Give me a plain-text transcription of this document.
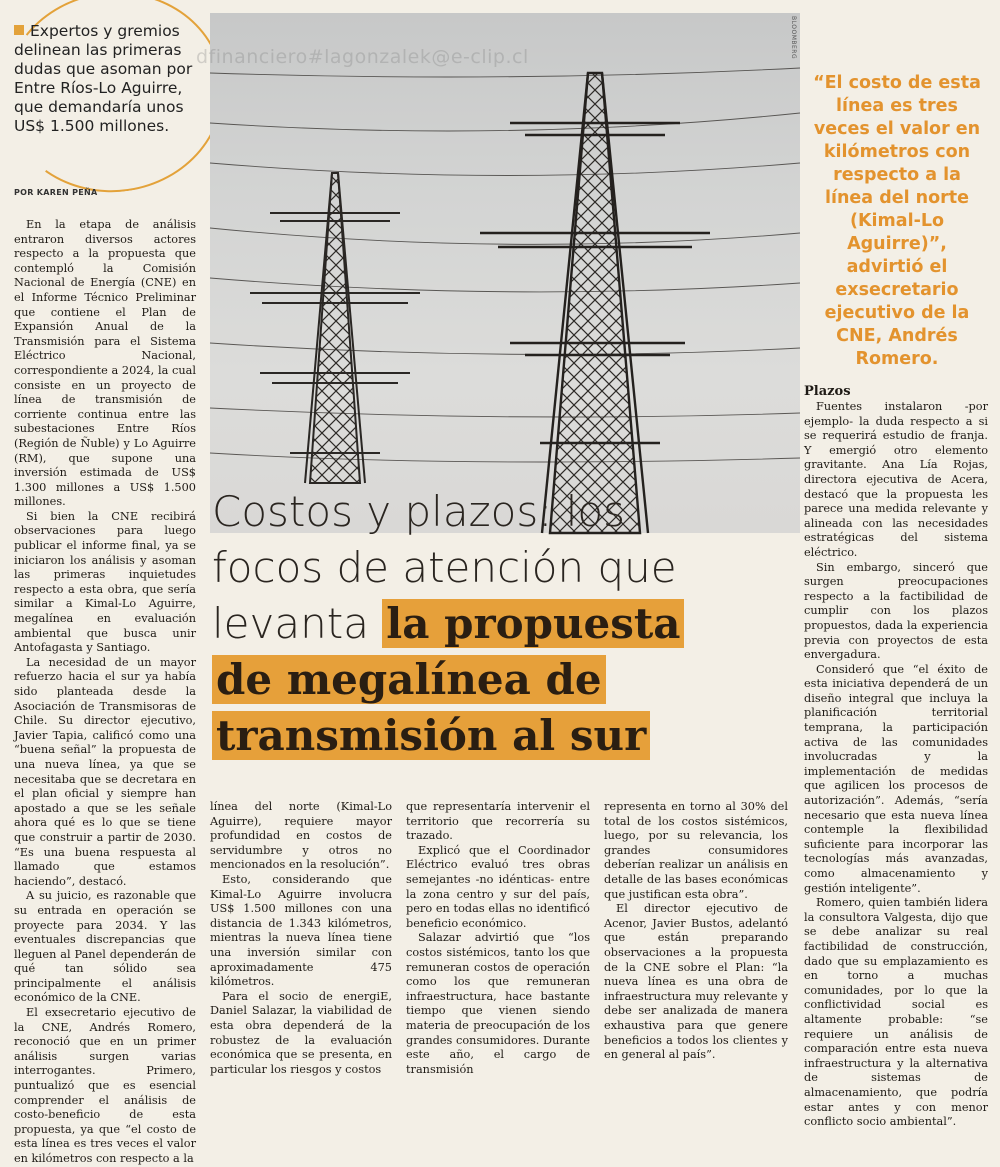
Expertos y gremios delinean las primeras dudas que asoman por Entre Ríos-Lo Aguirre, que demandaría unos US$ 1.500 millones.
POR KAREN PEÑA
dfinanciero#lagonzalek@e-clip.cl	BLOOMBERG
Costos y plazos: los
focos de atención que
levanta la propuesta
de megalínea de
transmisión al sur
“El costo de esta línea es tres veces el valor en kilómetros con respecto a la línea del norte (Kimal-Lo Aguirre)”, advirtió el exsecretario ejecutivo de la CNE, Andrés Romero.

En la etapa de análisis entraron diversos actores respecto a la propuesta que contempló la Comisión Nacional de Energía (CNE) en el Informe Técnico Preliminar que contiene el Plan de Expansión Anual de la Transmisión para el Sistema Eléctrico Nacional, correspondiente a 2024, la cual consiste en un proyecto de línea de transmisión de corriente continua entre las subestaciones Entre Ríos (Región de Ñuble) y Lo Aguirre (RM), que supone una inversión estimada de US$ 1.300 millones a US$ 1.500 millones.

Si bien la CNE recibirá observaciones para luego publicar el informe final, ya se iniciaron los análisis y asoman las primeras inquietudes respecto a esta obra, que sería similar a Kimal-Lo Aguirre, megalínea en evaluación ambiental que busca unir Antofagasta y Santiago.

La necesidad de un mayor refuerzo hacia el sur ya había sido planteada desde la Asociación de Transmisoras de Chile. Su director ejecutivo, Javier Tapia, calificó como una “buena señal” la propuesta de una nueva línea, ya que se necesitaba que se decretara en el plan oficial y siempre han apostado a que se les señale ahora qué es lo que se tiene que construir a partir de 2030. “Es una buena respuesta al llamado que estamos haciendo”, destacó.

A su juicio, es razonable que su entrada en operación se proyecte para 2034. Y las eventuales discrepancias que lleguen al Panel dependerán de qué tan sólido sea principalmente el análisis económico de la CNE.

El exsecretario ejecutivo de la CNE, Andrés Romero, reconoció que en un primer análisis surgen varias interrogantes. Primero, puntualizó que es esencial comprender el análisis de costo-beneficio de esta propuesta, ya que “el costo de esta línea es tres veces el valor en kilómetros con respecto a la

línea del norte (Kimal-Lo Aguirre), requiere mayor profundidad en costos de servidumbre y otros no mencionados en la resolución”.

Esto, considerando que Kimal-Lo Aguirre involucra US$ 1.500 millones con una distancia de 1.343 kilómetros, mientras la nueva línea tiene una inversión similar con aproximadamente 475 kilómetros.

Para el socio de energiE, Daniel Salazar, la viabilidad de esta obra dependerá de la robustez de la evaluación económica que se presenta, en particular los riesgos y costos

que representaría intervenir el territorio que recorrería su trazado.

Explicó que el Coordinador Eléctrico evaluó tres obras semejantes -no idénticas- entre la zona centro y sur del país, pero en todas ellas no identificó beneficio económico.

Salazar advirtió que “los costos sistémicos, tanto los que remuneran costos de operación como los que remuneran infraestructura, hace bastante tiempo que vienen siendo materia de preocupación de los grandes consumidores. Durante este año, el cargo de transmisión

representa en torno al 30% del total de los costos sistémicos, luego, por su relevancia, los grandes consumidores deberían realizar un análisis en detalle de las bases económicas que justifican esta obra”.

El director ejecutivo de Acenor, Javier Bustos, adelantó que están preparando observaciones a la propuesta de la CNE sobre el Plan: “la nueva línea es una obra de infraestructura muy relevante y debe ser analizada de manera exhaustiva para que genere beneficios a todos los clientes y en general al país”.

Plazos

Fuentes instalaron -por ejemplo- la duda respecto a si se requerirá estudio de franja. Y emergió otro elemento gravitante. Ana Lía Rojas, directora ejecutiva de Acera, destacó que la propuesta les parece una medida relevante y alineada con las necesidades estratégicas del sistema eléctrico.

Sin embargo, sinceró que surgen preocupaciones respecto a la factibilidad de cumplir con los plazos propuestos, dada la experiencia previa con proyectos de esta envergadura.

Consideró que “el éxito de esta iniciativa dependerá de un diseño integral que incluya la planificación territorial temprana, la participación activa de las comunidades involucradas y la implementación de medidas que agilicen los procesos de autorización”. Además, “sería necesario que esta nueva línea contemple la flexibilidad suficiente para incorporar las tecnologías más avanzadas, como almacenamiento y gestión inteligente”.

Romero, quien también lidera la consultora Valgesta, dijo que se debe analizar su real factibilidad de construcción, dado que su emplazamiento es en torno a muchas comunidades, por lo que la conflictividad social es altamente probable: “se requiere un análisis de comparación entre esta nueva infraestructura y la alternativa de sistemas de almacenamiento, que podría estar antes y con menor conflicto socio ambiental”.
